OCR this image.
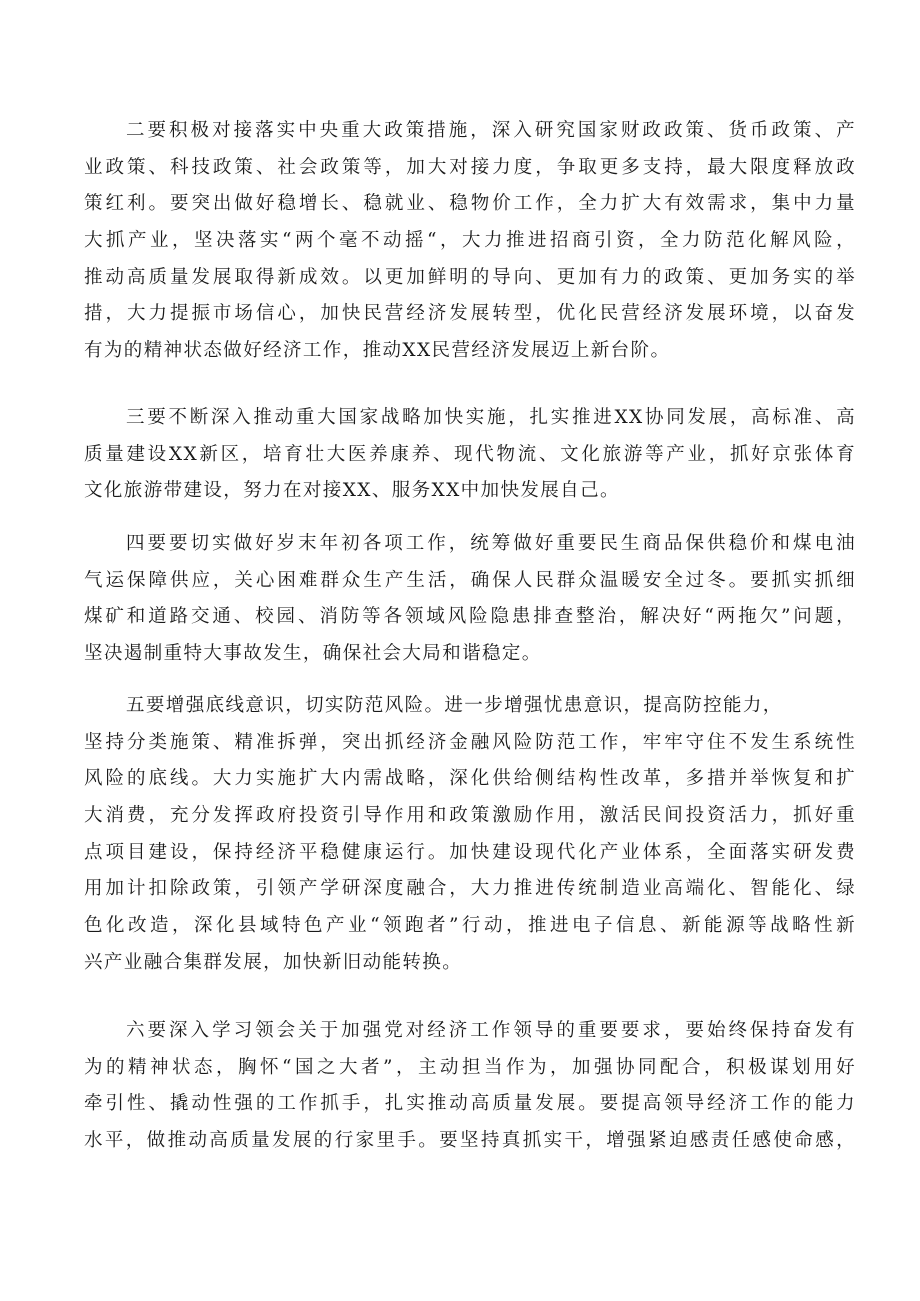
二要积极对接落实中央重大政策措施，深入研究国家财政政策、货币政策、产
业政策、科技政策、社会政策等，加大对接力度，争取更多支持，最大限度释放政
策红利。要突出做好稳增长、稳就业、稳物价工作，全力扩大有效需求，集中力量
大抓产业，坚决落实“两个毫不动摇“，大力推进招商引资，全力防范化解风险，
推动高质量发展取得新成效。以更加鲜明的导向、更加有力的政策、更加务实的举
措，大力提振市场信心，加快民营经济发展转型，优化民营经济发展环境，以奋发
有为的精神状态做好经济工作，推动XX民营经济发展迈上新台阶。
三要不断深入推动重大国家战略加快实施，扎实推进XX协同发展，高标准、高
质量建设XX新区，培育壮大医养康养、现代物流、文化旅游等产业，抓好京张体育
文化旅游带建设，努力在对接XX、服务XX中加快发展自己。
四要要切实做好岁末年初各项工作，统筹做好重要民生商品保供稳价和煤电油
气运保障供应，关心困难群众生产生活，确保人民群众温暖安全过冬。要抓实抓细
煤矿和道路交通、校园、消防等各领域风险隐患排查整治，解决好“两拖欠”问题，
坚决遏制重特大事故发生，确保社会大局和谐稳定。
五要增强底线意识，切实防范风险。进一步增强忧患意识，提高防控能力，
坚持分类施策、精准拆弹，突出抓经济金融风险防范工作，牢牢守住不发生系统性
风险的底线。大力实施扩大内需战略，深化供给侧结构性改革，多措并举恢复和扩
大消费，充分发挥政府投资引导作用和政策激励作用，激活民间投资活力，抓好重
点项目建设，保持经济平稳健康运行。加快建设现代化产业体系，全面落实研发费
用加计扣除政策，引领产学研深度融合，大力推进传统制造业高端化、智能化、绿
色化改造，深化县域特色产业“领跑者”行动，推进电子信息、新能源等战略性新
兴产业融合集群发展，加快新旧动能转换。
六要深入学习领会关于加强党对经济工作领导的重要要求，要始终保持奋发有
为的精神状态，胸怀“国之大者”，主动担当作为，加强协同配合，积极谋划用好
牵引性、撬动性强的工作抓手，扎实推动高质量发展。要提高领导经济工作的能力
水平，做推动高质量发展的行家里手。要坚持真抓实干，增强紧迫感责任感使命感，
